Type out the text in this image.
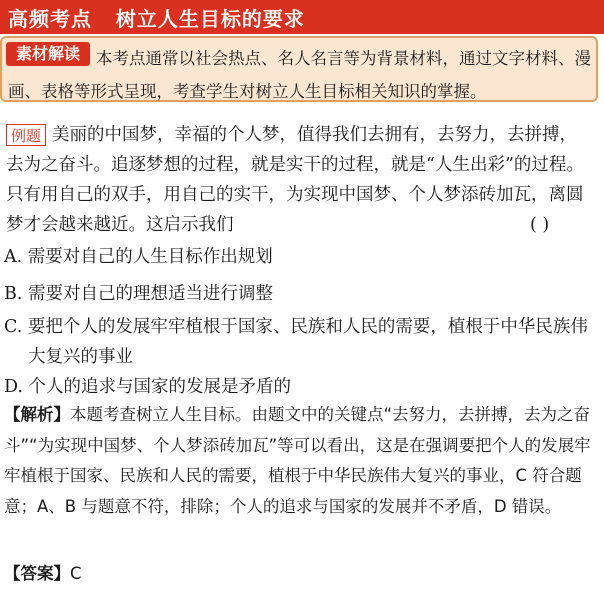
高频考点   树立人生目标的要求
素材解读 本考点通常以社会热点、名人名言等为背景材料，通过文字材料、漫画、表格等形式呈现，考查学生对树立人生目标相关知识的掌握。
例题 美丽的中国梦，幸福的个人梦，值得我们去拥有，去努力，去拼搏，去为之奋斗。追逐梦想的过程，就是实干的过程，就是“人生出彩”的过程。只有用自己的双手，用自己的实干，为实现中国梦、个人梦添砖加瓦，离圆梦才会越来越近。这启示我们	( )
A. 需要对自己的人生目标作出规划
B. 需要对自己的理想适当进行调整
C. 要把个人的发展牢牢植根于国家、民族和人民的需要，植根于中华民族伟大复兴的事业
D. 个人的追求与国家的发展是矛盾的
【解析】本题考查树立人生目标。由题文中的关键点“去努力，去拼搏，去为之奋斗”“为实现中国梦、个人梦添砖加瓦”等可以看出，这是在强调要把个人的发展牢牢植根于国家、民族和人民的需要，植根于中华民族伟大复兴的事业，C 符合题意；A、B 与题意不符，排除；个人的追求与国家的发展并不矛盾，D 错误。
【答案】C
